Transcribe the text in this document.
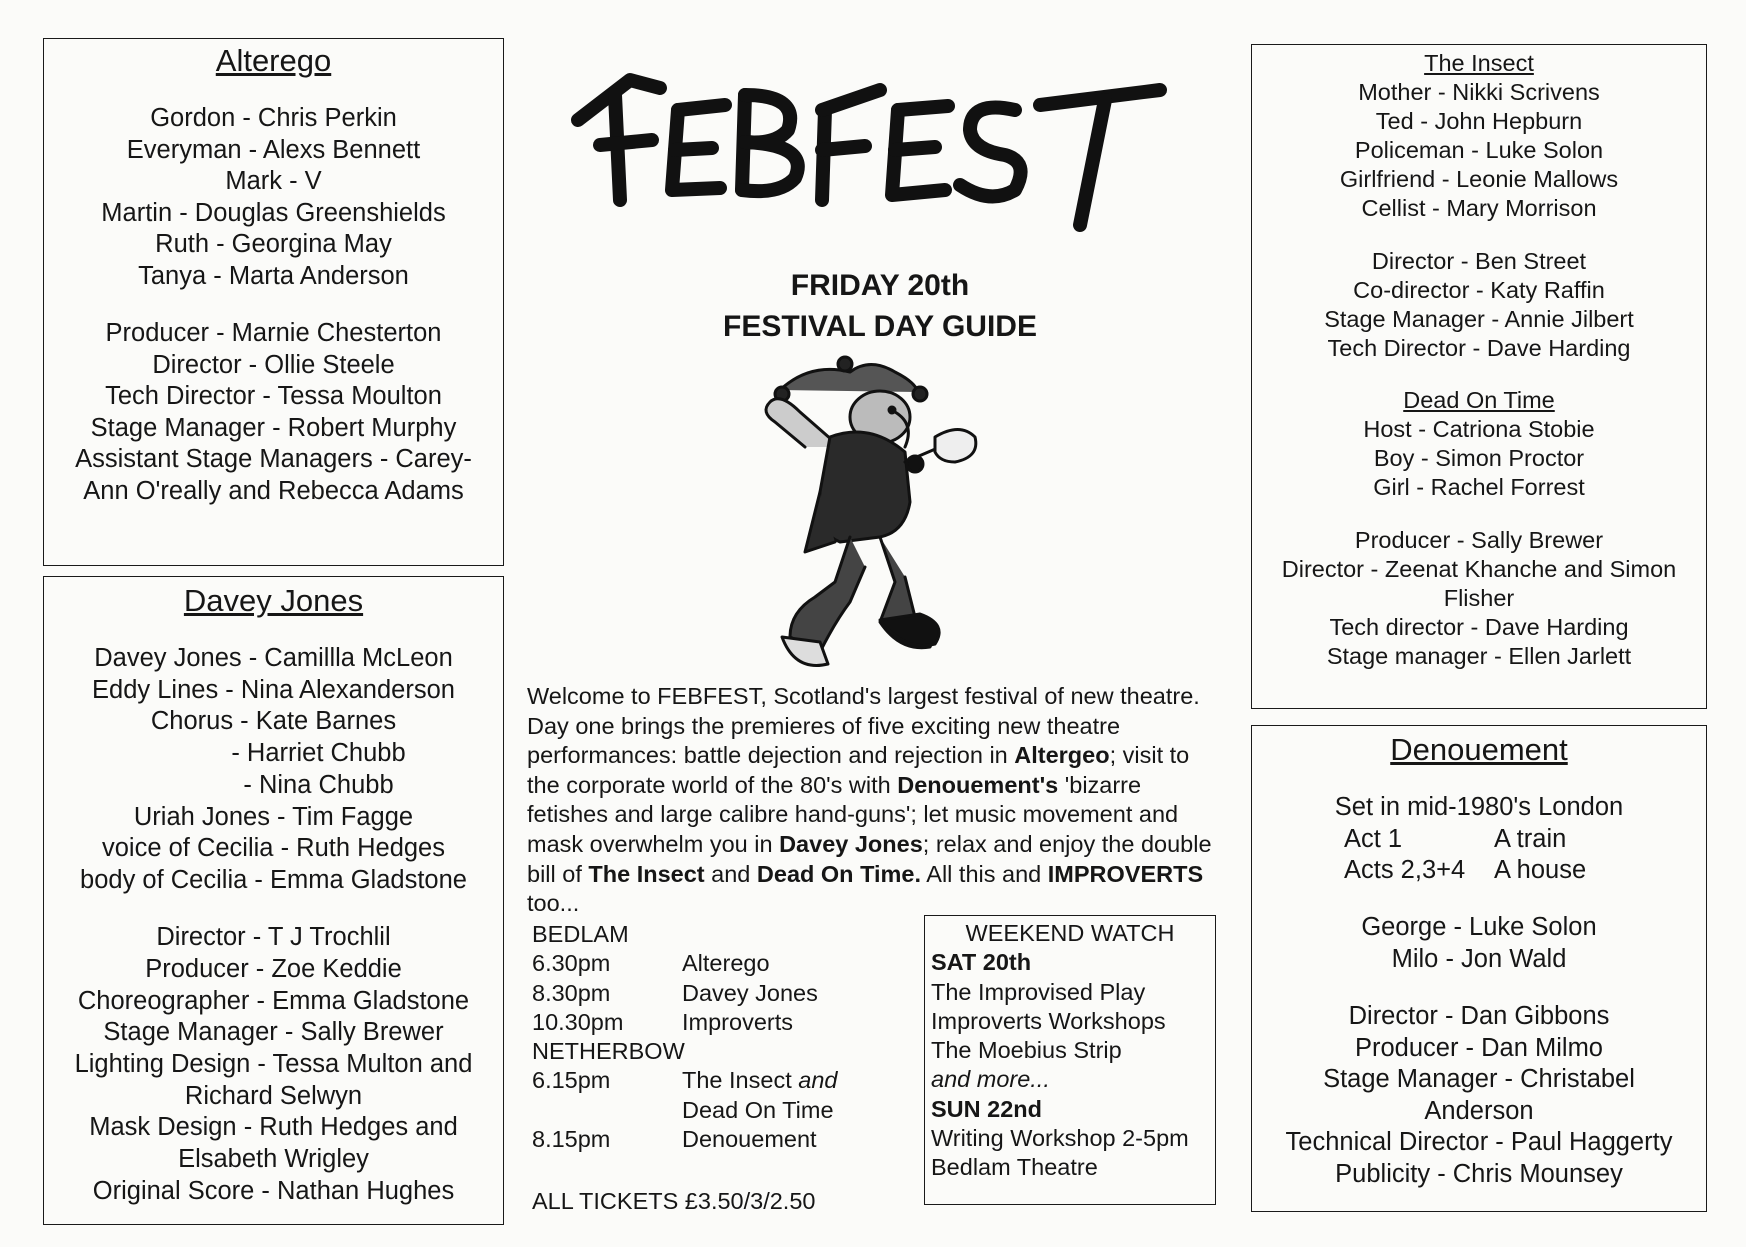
Alterego
Gordon - Chris Perkin
Everyman - Alexs Bennett
Mark - V
Martin - Douglas Greenshields
Ruth - Georgina May
Tanya - Marta Anderson
Producer - Marnie Chesterton
Director - Ollie Steele
Tech Director - Tessa Moulton
Stage Manager - Robert Murphy
Assistant Stage Managers - Carey-
Ann O'really and Rebecca Adams
Davey Jones
Davey Jones - Camillla McLeon
Eddy Lines - Nina Alexanderson
Chorus - Kate Barnes
- Harriet Chubb
- Nina Chubb
Uriah Jones - Tim Fagge
voice of Cecilia - Ruth Hedges
body of Cecilia - Emma Gladstone
Director - T J Trochlil
Producer - Zoe Keddie
Choreographer - Emma Gladstone
Stage Manager - Sally Brewer
Lighting Design - Tessa Multon and
Richard Selwyn
Mask Design - Ruth Hedges and
Elsabeth Wrigley
Original Score - Nathan Hughes
The Insect
Mother - Nikki Scrivens
Ted - John Hepburn
Policeman - Luke Solon
Girlfriend - Leonie Mallows
Cellist - Mary Morrison
Director - Ben Street
Co-director - Katy Raffin
Stage Manager - Annie Jilbert
Tech Director - Dave Harding
Dead On Time
Host - Catriona Stobie
Boy - Simon Proctor
Girl - Rachel Forrest
Producer - Sally Brewer
Director - Zeenat Khanche and Simon
Flisher
Tech director - Dave Harding
Stage manager - Ellen Jarlett
Denouement
Set in mid-1980's London
Act 1	A train
Acts 2,3+4	A house
George - Luke Solon
Milo - Jon Wald
Director - Dan Gibbons
Producer - Dan Milmo
Stage Manager - Christabel
Anderson
Technical Director - Paul Haggerty
Publicity - Chris Mounsey
FRIDAY 20th
FESTIVAL DAY GUIDE
Welcome to FEBFEST, Scotland's largest festival of new theatre. Day one brings the premieres of five exciting new theatre performances: battle dejection and rejection in Altergeo; visit to the corporate world of the 80's with Denouement's 'bizarre fetishes and large calibre hand-guns'; let music movement and mask overwhelm you in Davey Jones; relax and enjoy the double bill of The Insect and Dead On Time. All this and IMPROVERTS too...
BEDLAM
6.30pm	Alterego
8.30pm	Davey Jones
10.30pm	Improverts
NETHERBOW
6.15pm	The Insect and
Dead On Time
8.15pm	Denouement
ALL TICKETS £3.50/3/2.50
WEEKEND WATCH
SAT 20th
The Improvised Play
Improverts Workshops
The Moebius Strip
and more...
SUN 22nd
Writing Workshop 2-5pm
Bedlam Theatre
